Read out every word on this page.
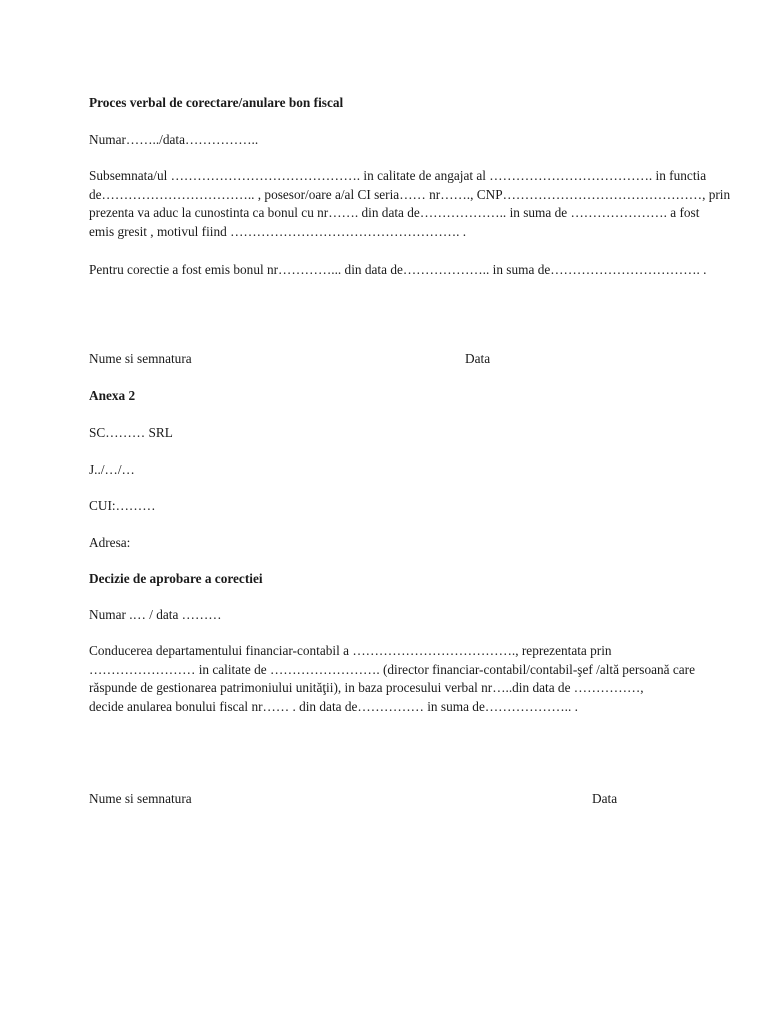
Proces verbal de corectare/anulare bon fiscal
Numar……../data……………..
Subsemnata/ul ……………………………………. in calitate de angajat al ………………………………. in functia
de…………………………….. , posesor/oare a/al CI seria…… nr……., CNP………………………………………, prin
prezenta va aduc la cunostinta ca bonul cu nr……. din data de……………….. in suma de …………………. a fost
emis gresit , motivul fiind ……………………………………………. .
Pentru corectie a fost emis bonul nr…………... din data de……………….. in suma de……………………………. .
Nume si semnatura	Data
Anexa 2
SC……… SRL
J../…/…
CUI:………
Adresa:
Decizie de aprobare a corectiei
Numar .… / data ………
Conducerea departamentului financiar-contabil a ………………………………., reprezentata prin
…………………… in calitate de ……………………. (director financiar-contabil/contabil-şef /altă persoană care
răspunde de gestionarea patrimoniului unităţii), in baza procesului verbal nr…..din data de ……………,
decide anularea bonului fiscal nr…… . din data de…………… in suma de……………….. .
Nume si semnatura	Data
